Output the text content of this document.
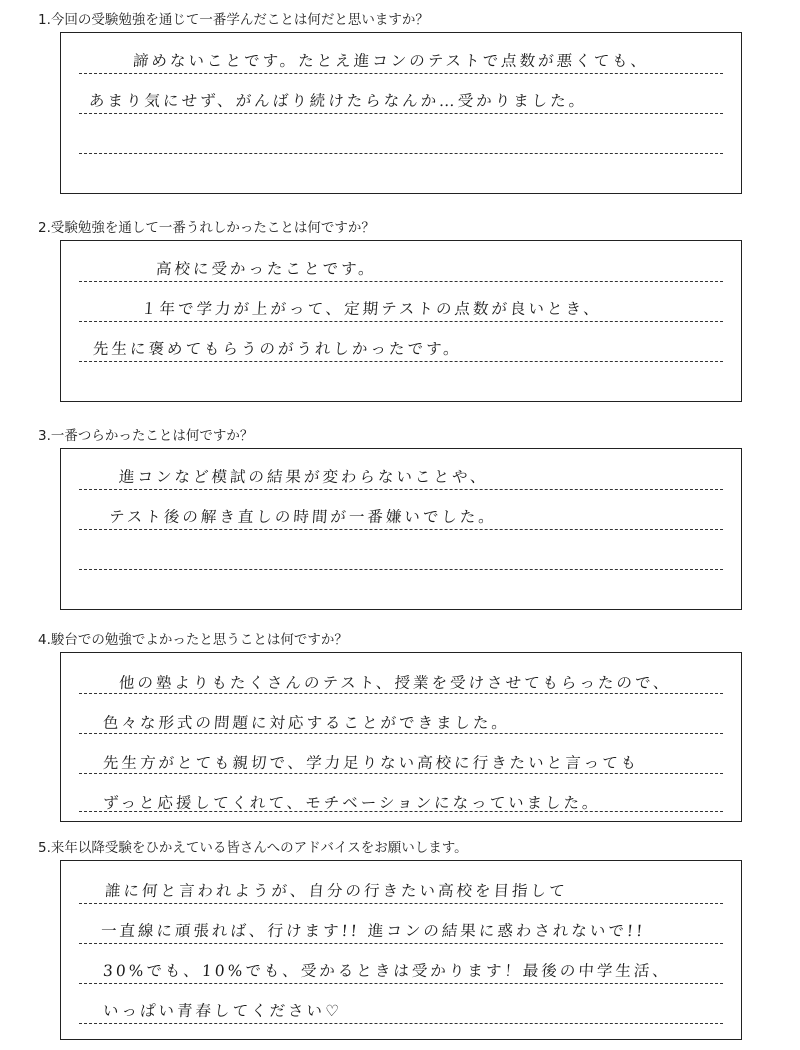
1.今回の受験勉強を通じて一番学んだことは何だと思いますか？
諦めないことです。たとえ進コンのテストで点数が悪くても、
あまり気にせず、がんばり続けたらなんか…受かりました。
2.受験勉強を通して一番うれしかったことは何ですか？
高校に受かったことです。
１年で学力が上がって、定期テストの点数が良いとき、
先生に褒めてもらうのがうれしかったです。
3.一番つらかったことは何ですか？
進コンなど模試の結果が変わらないことや、
テスト後の解き直しの時間が一番嫌いでした。
4.駿台での勉強でよかったと思うことは何ですか？
他の塾よりもたくさんのテスト、授業を受けさせてもらったので、
色々な形式の問題に対応することができました。
先生方がとても親切で、学力足りない高校に行きたいと言っても
ずっと応援してくれて、モチベーションになっていました。
5.来年以降受験をひかえている皆さんへのアドバイスをお願いします。
誰に何と言われようが、自分の行きたい高校を目指して
一直線に頑張れば、行けます!! 進コンの結果に惑わされないで!!
30%でも、10%でも、受かるときは受かります！最後の中学生活、
いっぱい青春してください♡
